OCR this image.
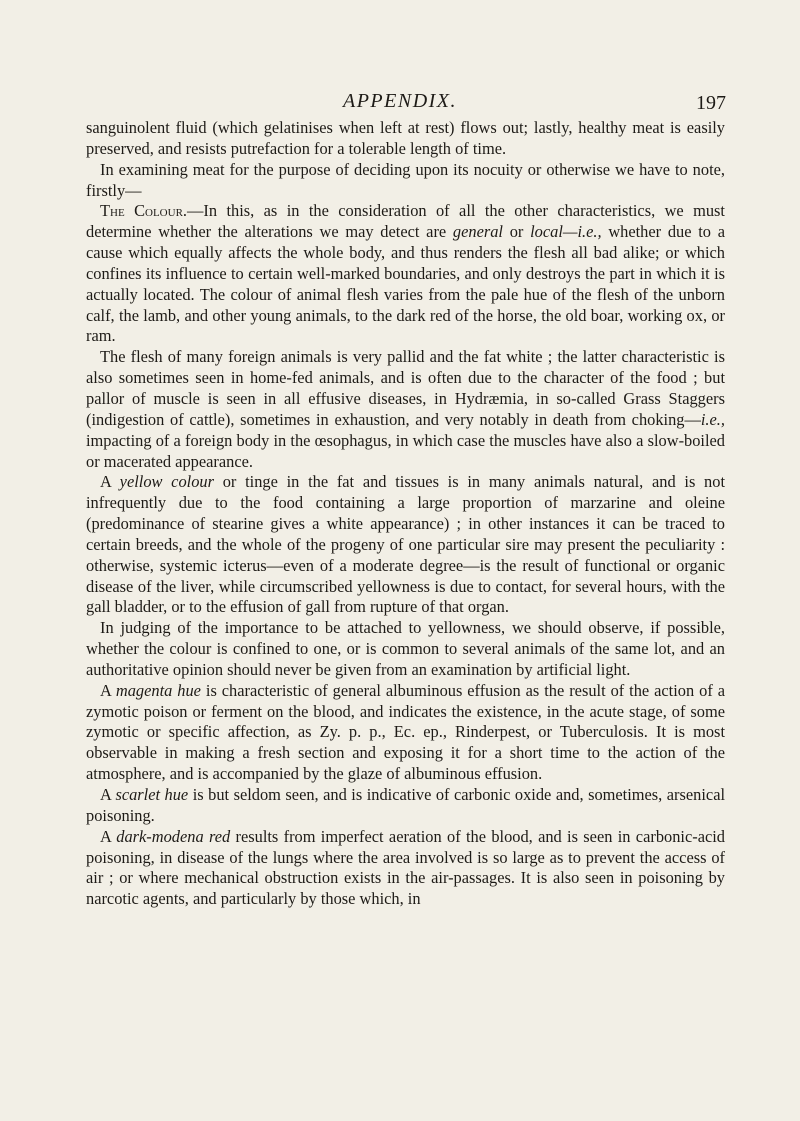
APPENDIX.	197

sanguinolent fluid (which gelatinises when left at rest) flows out; lastly, healthy meat is easily preserved, and resists putrefaction for a tolerable length of time.

In examining meat for the purpose of deciding upon its nocuity or otherwise we have to note, firstly—

The Colour.—In this, as in the consideration of all the other characteristics, we must determine whether the alterations we may detect are general or local—i.e., whether due to a cause which equally affects the whole body, and thus renders the flesh all bad alike; or which confines its influence to certain well-marked boundaries, and only destroys the part in which it is actually located. The colour of animal flesh varies from the pale hue of the flesh of the unborn calf, the lamb, and other young animals, to the dark red of the horse, the old boar, working ox, or ram.

The flesh of many foreign animals is very pallid and the fat white ; the latter characteristic is also sometimes seen in home-fed animals, and is often due to the character of the food ; but pallor of muscle is seen in all effusive diseases, in Hydræmia, in so-called Grass Staggers (indigestion of cattle), sometimes in exhaustion, and very notably in death from choking—i.e., impacting of a foreign body in the œsophagus, in which case the muscles have also a slow-boiled or macerated appearance.

A yellow colour or tinge in the fat and tissues is in many animals natural, and is not infrequently due to the food containing a large proportion of marzarine and oleine (predominance of stearine gives a white appearance) ; in other instances it can be traced to certain breeds, and the whole of the progeny of one particular sire may present the peculiarity : otherwise, systemic icterus—even of a moderate degree—is the result of functional or organic disease of the liver, while circumscribed yellowness is due to contact, for several hours, with the gall bladder, or to the effusion of gall from rupture of that organ.

In judging of the importance to be attached to yellowness, we should observe, if possible, whether the colour is confined to one, or is common to several animals of the same lot, and an authoritative opinion should never be given from an examination by artificial light.

A magenta hue is characteristic of general albuminous effusion as the result of the action of a zymotic poison or ferment on the blood, and indicates the existence, in the acute stage, of some zymotic or specific affection, as Zy. p. p., Ec. ep., Rinderpest, or Tuberculosis. It is most observable in making a fresh section and exposing it for a short time to the action of the atmosphere, and is accompanied by the glaze of albuminous effusion.

A scarlet hue is but seldom seen, and is indicative of carbonic oxide and, sometimes, arsenical poisoning.

A dark-modena red results from imperfect aeration of the blood, and is seen in carbonic-acid poisoning, in disease of the lungs where the area involved is so large as to prevent the access of air ; or where mechanical obstruction exists in the air-passages. It is also seen in poisoning by narcotic agents, and particularly by those which, in
